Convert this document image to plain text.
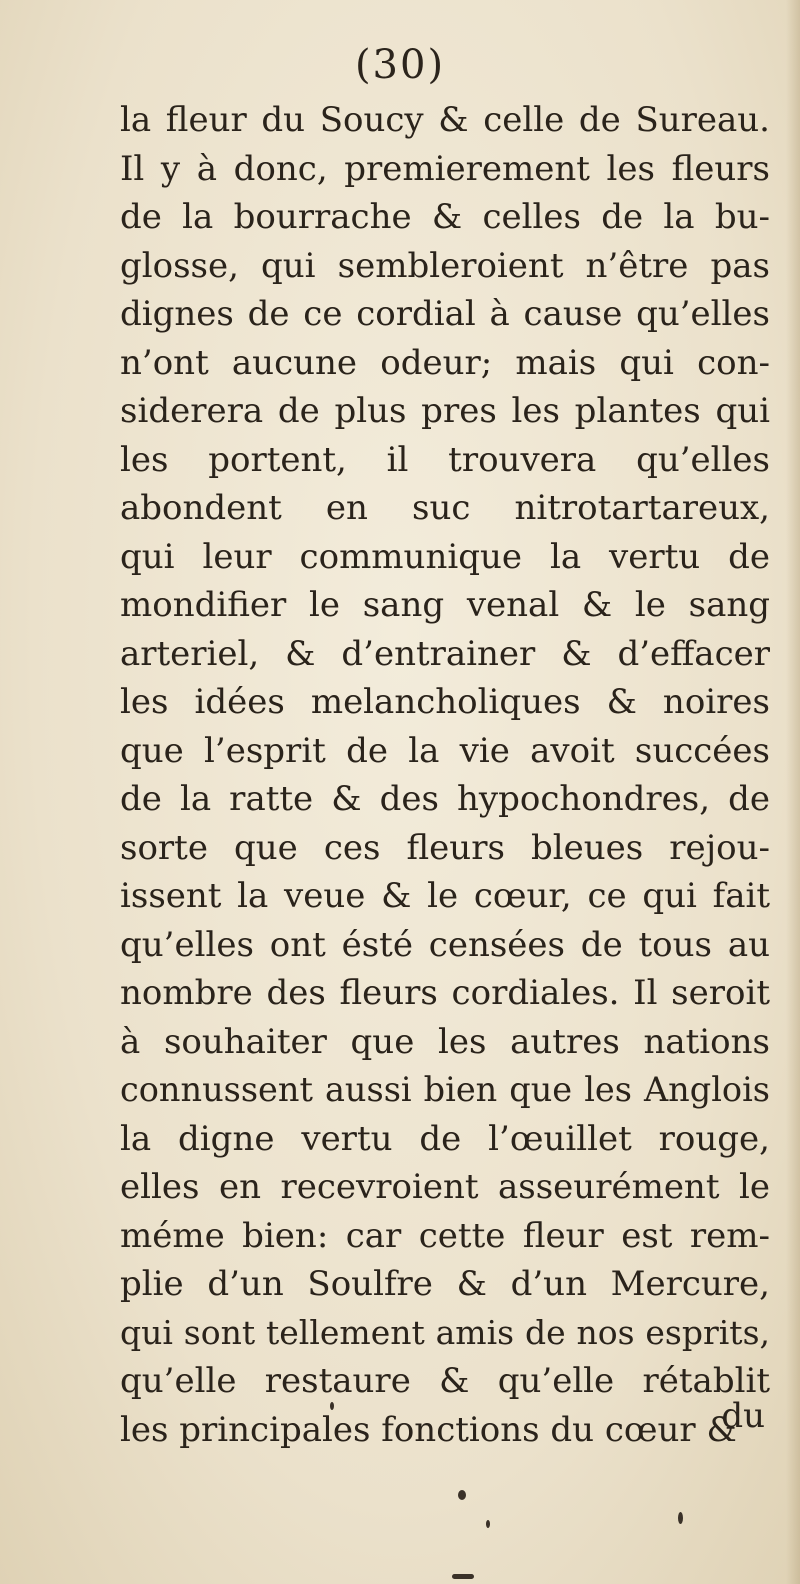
(30)
la fleur du Soucy & celle de Sureau.
Il y à donc, premierement les fleurs
de la bourrache & celles de la bu-
glosse, qui sembleroient n’être pas
dignes de ce cordial à cause qu’elles
n’ont aucune odeur; mais qui con-
siderera de plus pres les plantes qui
les portent, il trouvera qu’elles
abondent en suc nitrotartareux,
qui leur communique la vertu de
mondifier le sang venal & le sang
arteriel, & d’entrainer & d’effacer
les idées melancholiques & noires
que l’esprit de la vie avoit succées
de la ratte & des hypochondres, de
sorte que ces fleurs bleues rejou-
issent la veue & le cœur, ce qui fait
qu’elles ont ésté censées de tous au
nombre des fleurs cordiales. Il seroit
à souhaiter que les autres nations
connussent aussi bien que les Anglois
la digne vertu de l’œuillet rouge,
elles en recevroient asseurément le
méme bien: car cette fleur est rem-
plie d’un Soulfre & d’un Mercure,
qui sont tellement amis de nos esprits,
qu’elle restaure & qu’elle rétablit
les principales fonctions du cœur &
du
